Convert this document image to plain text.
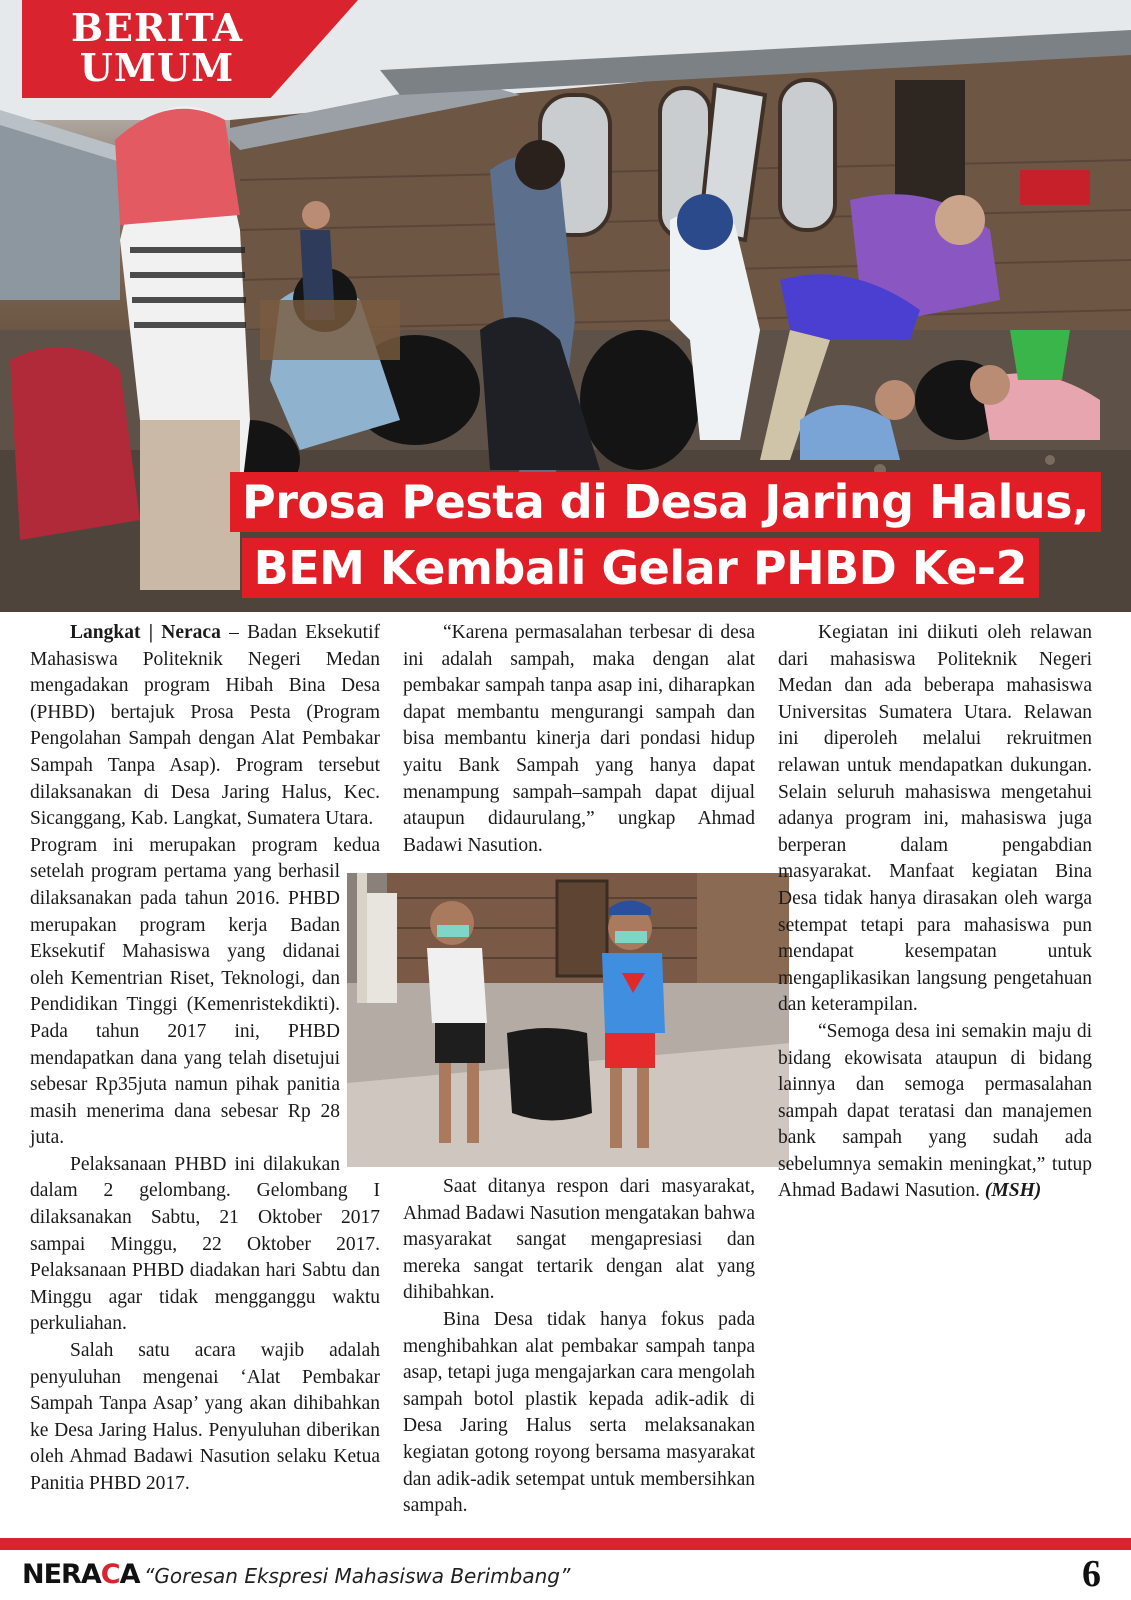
BERITA
UMUM
Prosa Pesta di Desa Jaring Halus,
BEM Kembali Gelar PHBD Ke-2

Langkat | Neraca – Badan Eksekutif Mahasiswa Politeknik Negeri Medan mengadakan program Hibah Bina Desa (PHBD) bertajuk Prosa Pesta (Program Pengolahan Sampah dengan Alat Pembakar Sampah Tanpa Asap). Program tersebut dilaksanakan di Desa Jaring Halus, Kec. Sicanggang, Kab. Langkat, Sumatera Utara.

Program ini merupakan program kedua setelah program pertama yang berhasil dilaksanakan pada tahun 2016. PHBD merupakan program kerja Badan Eksekutif Mahasiswa yang didanai oleh Kementrian Riset, Teknologi, dan Pendidikan Tinggi (Kemenristekdikti). Pada tahun 2017 ini, PHBD mendapatkan dana yang telah disetujui sebesar Rp35juta namun pihak panitia masih menerima dana sebesar Rp 28 juta.

Pelaksanaan PHBD ini dilakukan dalam 2 gelombang. Gelombang I dilaksanakan Sabtu, 21 Oktober 2017 sampai Minggu, 22 Oktober 2017. Pelaksanaan PHBD diadakan hari Sabtu dan Minggu agar tidak mengganggu waktu perkuliahan.

Salah satu acara wajib adalah penyuluhan mengenai ‘Alat Pembakar Sampah Tanpa Asap’ yang akan dihibahkan ke Desa Jaring Halus. Penyuluhan diberikan oleh Ahmad Badawi Nasution selaku Ketua Panitia PHBD 2017.

“Karena permasalahan terbesar di desa ini adalah sampah, maka dengan alat pembakar sampah tanpa asap ini, diharapkan dapat membantu mengurangi sampah dan bisa membantu kinerja dari pondasi hidup yaitu Bank Sampah yang hanya dapat menampung sampah–sampah dapat dijual ataupun didaurulang,” ungkap Ahmad Badawi Nasution.

Saat ditanya respon dari masyarakat, Ahmad Badawi Nasution mengatakan bahwa masyarakat sangat mengapresiasi dan mereka sangat tertarik dengan alat yang dihibahkan.

Bina Desa tidak hanya fokus pada menghibahkan alat pembakar sampah tanpa asap, tetapi juga mengajarkan cara mengolah sampah botol plastik kepada adik-adik di Desa Jaring Halus serta melaksanakan kegiatan gotong royong bersama masyarakat dan adik-adik setempat untuk membersihkan sampah.

Kegiatan ini diikuti oleh relawan dari mahasiswa Politeknik Negeri Medan dan ada beberapa mahasiswa Universitas Sumatera Utara. Relawan ini diperoleh melalui rekruitmen relawan untuk mendapatkan dukungan. Selain seluruh mahasiswa mengetahui adanya program ini, mahasiswa juga berperan dalam pengabdian masyarakat. Manfaat kegiatan Bina Desa tidak hanya dirasakan oleh warga setempat tetapi para mahasiswa pun mendapat kesempatan untuk mengaplikasikan langsung pengetahuan dan keterampilan.

“Semoga desa ini semakin maju di bidang ekowisata ataupun di bidang lainnya dan semoga permasalahan sampah dapat teratasi dan manajemen bank sampah yang sudah ada sebelumnya semakin meningkat,” tutup Ahmad Badawi Nasution. (MSH)

NERACA “Goresan Ekspresi Mahasiswa Berimbang”	6
